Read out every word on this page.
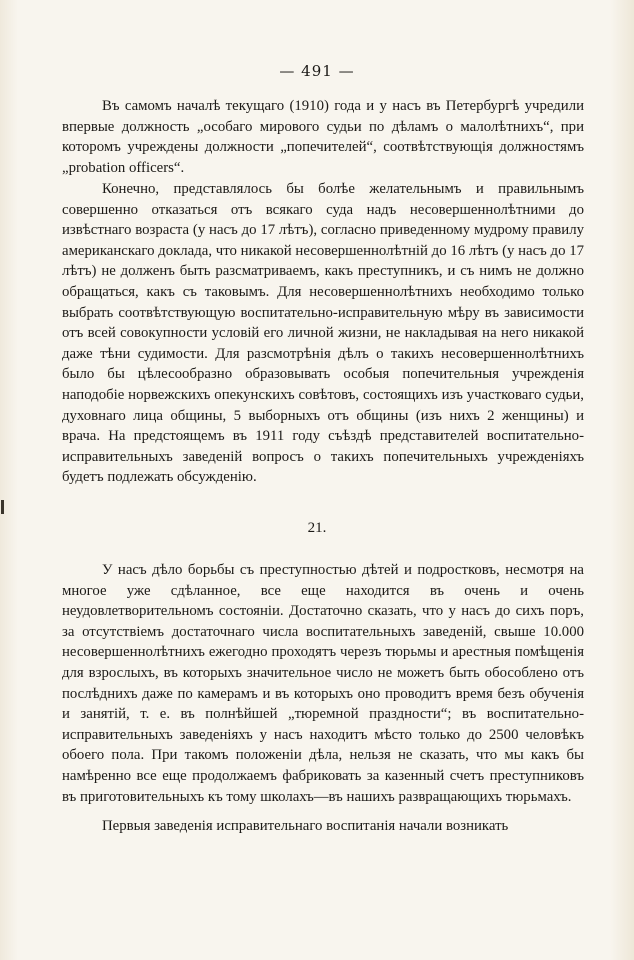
— 491 —

Въ самомъ началѣ текущаго (1910) года и у насъ въ Петербургѣ учредили впервые должность „особаго мирового судьи по дѣламъ о малолѣтнихъ“, при которомъ учреждены должности „попечителей“, соотвѣтствующія должностямъ „probation officers“.

Конечно, представлялось бы болѣе желательнымъ и правильнымъ совершенно отказаться отъ всякаго суда надъ несовершеннолѣтними до извѣстнаго возраста (у насъ до 17 лѣтъ), согласно приведенному мудрому правилу американскаго доклада, что никакой несовершеннолѣтній до 16 лѣтъ (у насъ до 17 лѣтъ) не долженъ быть разсматриваемъ, какъ преступникъ, и съ нимъ не должно обращаться, какъ съ таковымъ. Для несовершеннолѣтнихъ необходимо только выбрать соотвѣтствующую воспитательно-исправительную мѣру въ зависимости отъ всей совокупности условій его личной жизни, не накладывая на него никакой даже тѣни судимости. Для разсмотрѣнія дѣлъ о такихъ несовершеннолѣтнихъ было бы цѣлесообразно образовывать особыя попечительныя учрежденія наподобіе норвежскихъ опекунскихъ совѣтовъ, состоящихъ изъ участковаго судьи, духовнаго лица общины, 5 выборныхъ отъ общины (изъ нихъ 2 женщины) и врача. На предстоящемъ въ 1911 году съѣздѣ представителей воспитательно-исправительныхъ заведеній вопросъ о такихъ попечительныхъ учрежденіяхъ будетъ подлежать обсужденію.

21.

У насъ дѣло борьбы съ преступностью дѣтей и подростковъ, несмотря на многое уже сдѣланное, все еще находится въ очень и очень неудовлетворительномъ состояніи. Достаточно сказать, что у насъ до сихъ поръ, за отсутствіемъ достаточнаго числа воспитательныхъ заведеній, свыше 10.000 несовершеннолѣтнихъ ежегодно проходятъ черезъ тюрьмы и арестныя помѣщенія для взрослыхъ, въ которыхъ значительное число не можетъ быть обособлено отъ послѣднихъ даже по камерамъ и въ которыхъ оно проводитъ время безъ обученія и занятій, т. е. въ полнѣйшей „тюремной праздности“; въ воспитательно-исправительныхъ заведеніяхъ у насъ находитъ мѣсто только до 2500 человѣкъ обоего пола. При такомъ положеніи дѣла, нельзя не сказать, что мы какъ бы намѣренно все еще продолжаемъ фабриковать за казенный счетъ преступниковъ въ приготовительныхъ къ тому школахъ—въ нашихъ развращающихъ тюрьмахъ.

Первыя заведенія исправительнаго воспитанія начали возникать
